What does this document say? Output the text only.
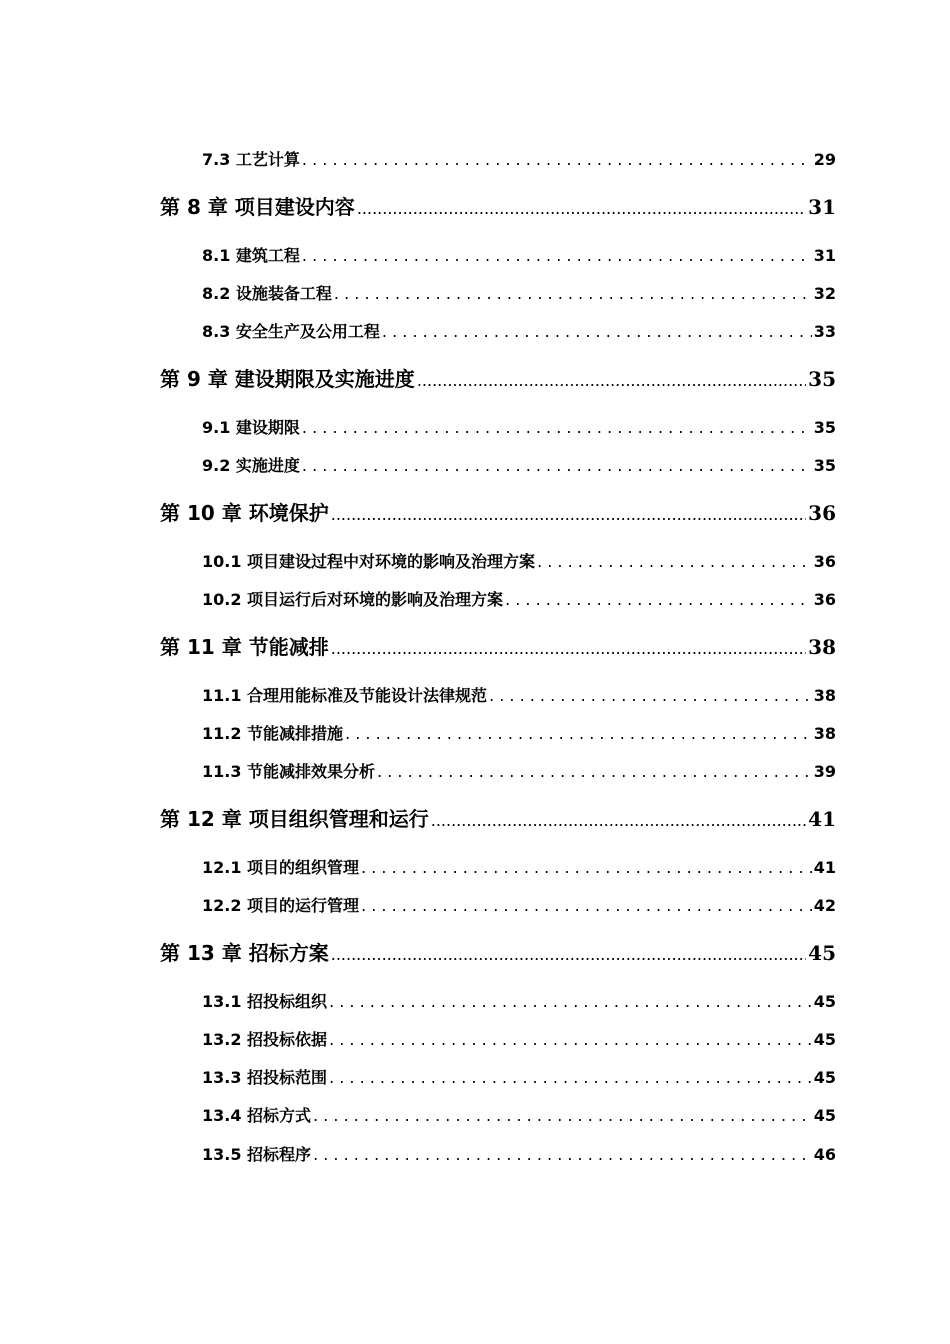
7.3 工艺计算 . . .	29
第 8 章 项目建设内容 .....	31
8.1 建筑工程 . . .	31
8.2 设施装备工程 . . .	32
8.3 安全生产及公用工程 . . .	33
第 9 章 建设期限及实施进度 .....	35
9.1 建设期限 . . .	35
9.2 实施进度 . . .	35
第 10 章 环境保护 .....	36
10.1 项目建设过程中对环境的影响及治理方案 . . .	36
10.2 项目运行后对环境的影响及治理方案 . . .	36
第 11 章 节能减排 .....	38
11.1 合理用能标准及节能设计法律规范 . . .	38
11.2 节能减排措施 . . .	38
11.3 节能减排效果分析 . . .	39
第 12 章 项目组织管理和运行 .....	41
12.1 项目的组织管理 . . .	41
12.2 项目的运行管理 . . .	42
第 13 章 招标方案 .....	45
13.1 招投标组织 . . .	45
13.2 招投标依据 . . .	45
13.3 招投标范围 . . .	45
13.4 招标方式 . . .	45
13.5 招标程序 . . .	46
